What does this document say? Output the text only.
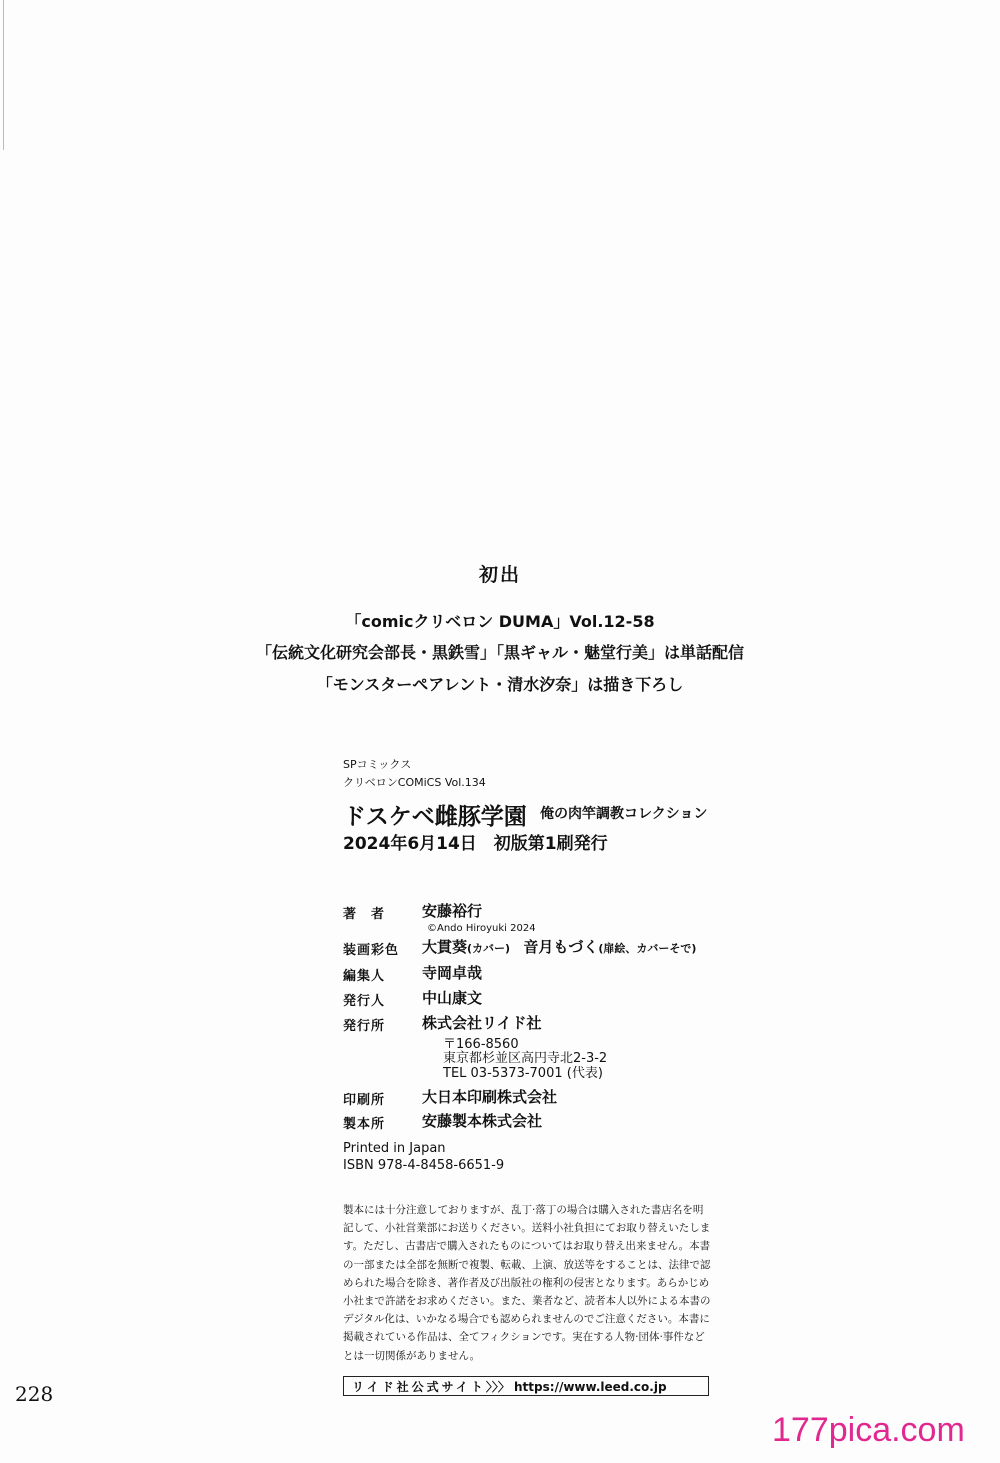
初出
「comicクリベロン DUMA」Vol.12-58
「伝統文化研究会部長・黒鉄雪」「黒ギャル・魅堂行美」は単話配信
「モンスターペアレント・清水汐奈」は描き下ろし
SPコミックス
クリベロンCOMiCS Vol.134
ドスケベ雌豚学園 俺の肉竿調教コレクション
2024年6月14日　初版第1刷発行
著　者	安藤裕行
©Ando Hiroyuki 2024
装画彩色	大貫葵(カバー) 音月もづく(扉絵、カバーそで)
編集人	寺岡卓哉
発行人	中山康文
発行所	株式会社リイド社
〒166-8560
東京都杉並区高円寺北2-3-2
TEL 03-5373-7001 (代表)
印刷所	大日本印刷株式会社
製本所	安藤製本株式会社
Printed in Japan
ISBN 978-4-8458-6651-9
製本には十分注意しておりますが、乱丁·落丁の場合は購入された書店名を明記して、小社営業部にお送りください。送料小社負担にてお取り替えいたします。ただし、古書店で購入されたものについてはお取り替え出来ません。本書の一部または全部を無断で複製、転載、上演、放送等をすることは、法律で認められた場合を除き、著作者及び出版社の権利の侵害となります。あらかじめ小社まで許諾をお求めください。また、業者など、読者本人以外による本書のデジタル化は、いかなる場合でも認められませんのでご注意ください。本書に掲載されている作品は、全てフィクションです。実在する人物·団体·事件などとは一切関係がありません。
リイド社公式サイト〉〉〉 https://www.leed.co.jp
228
177pica.com
